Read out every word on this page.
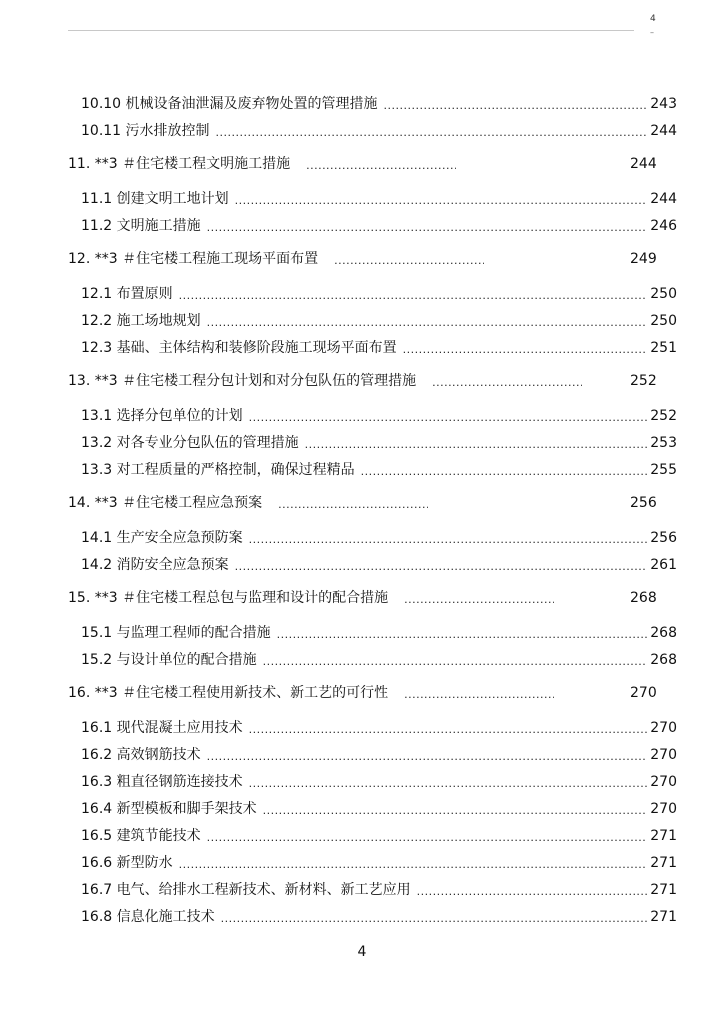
4
–
10.10 机械设备油泄漏及废弃物处置的管理措施 .....	243
10.11 污水排放控制 .....	244
11. **3 ＃住宅楼工程文明施工措施 .....	244
11.1 创建文明工地计划 .....	244
11.2 文明施工措施 .....	246
12. **3 ＃住宅楼工程施工现场平面布置 .....	249
12.1 布置原则 .....	250
12.2 施工场地规划 .....	250
12.3 基础、主体结构和装修阶段施工现场平面布置 .....	251
13. **3 ＃住宅楼工程分包计划和对分包队伍的管理措施 .....	252
13.1 选择分包单位的计划 .....	252
13.2 对各专业分包队伍的管理措施 .....	253
13.3 对工程质量的严格控制，确保过程精品 .....	255
14. **3 ＃住宅楼工程应急预案 .....	256
14.1 生产安全应急预防案 .....	256
14.2 消防安全应急预案 .....	261
15. **3 ＃住宅楼工程总包与监理和设计的配合措施 .....	268
15.1 与监理工程师的配合措施 .....	268
15.2 与设计单位的配合措施 .....	268
16. **3 ＃住宅楼工程使用新技术、新工艺的可行性 .....	270
16.1 现代混凝土应用技术 .....	270
16.2 高效钢筋技术 .....	270
16.3 粗直径钢筋连接技术 .....	270
16.4 新型模板和脚手架技术 .....	270
16.5 建筑节能技术 .....	271
16.6 新型防水 .....	271
16.7 电气、给排水工程新技术、新材料、新工艺应用 .....	271
16.8 信息化施工技术 .....	271
4
